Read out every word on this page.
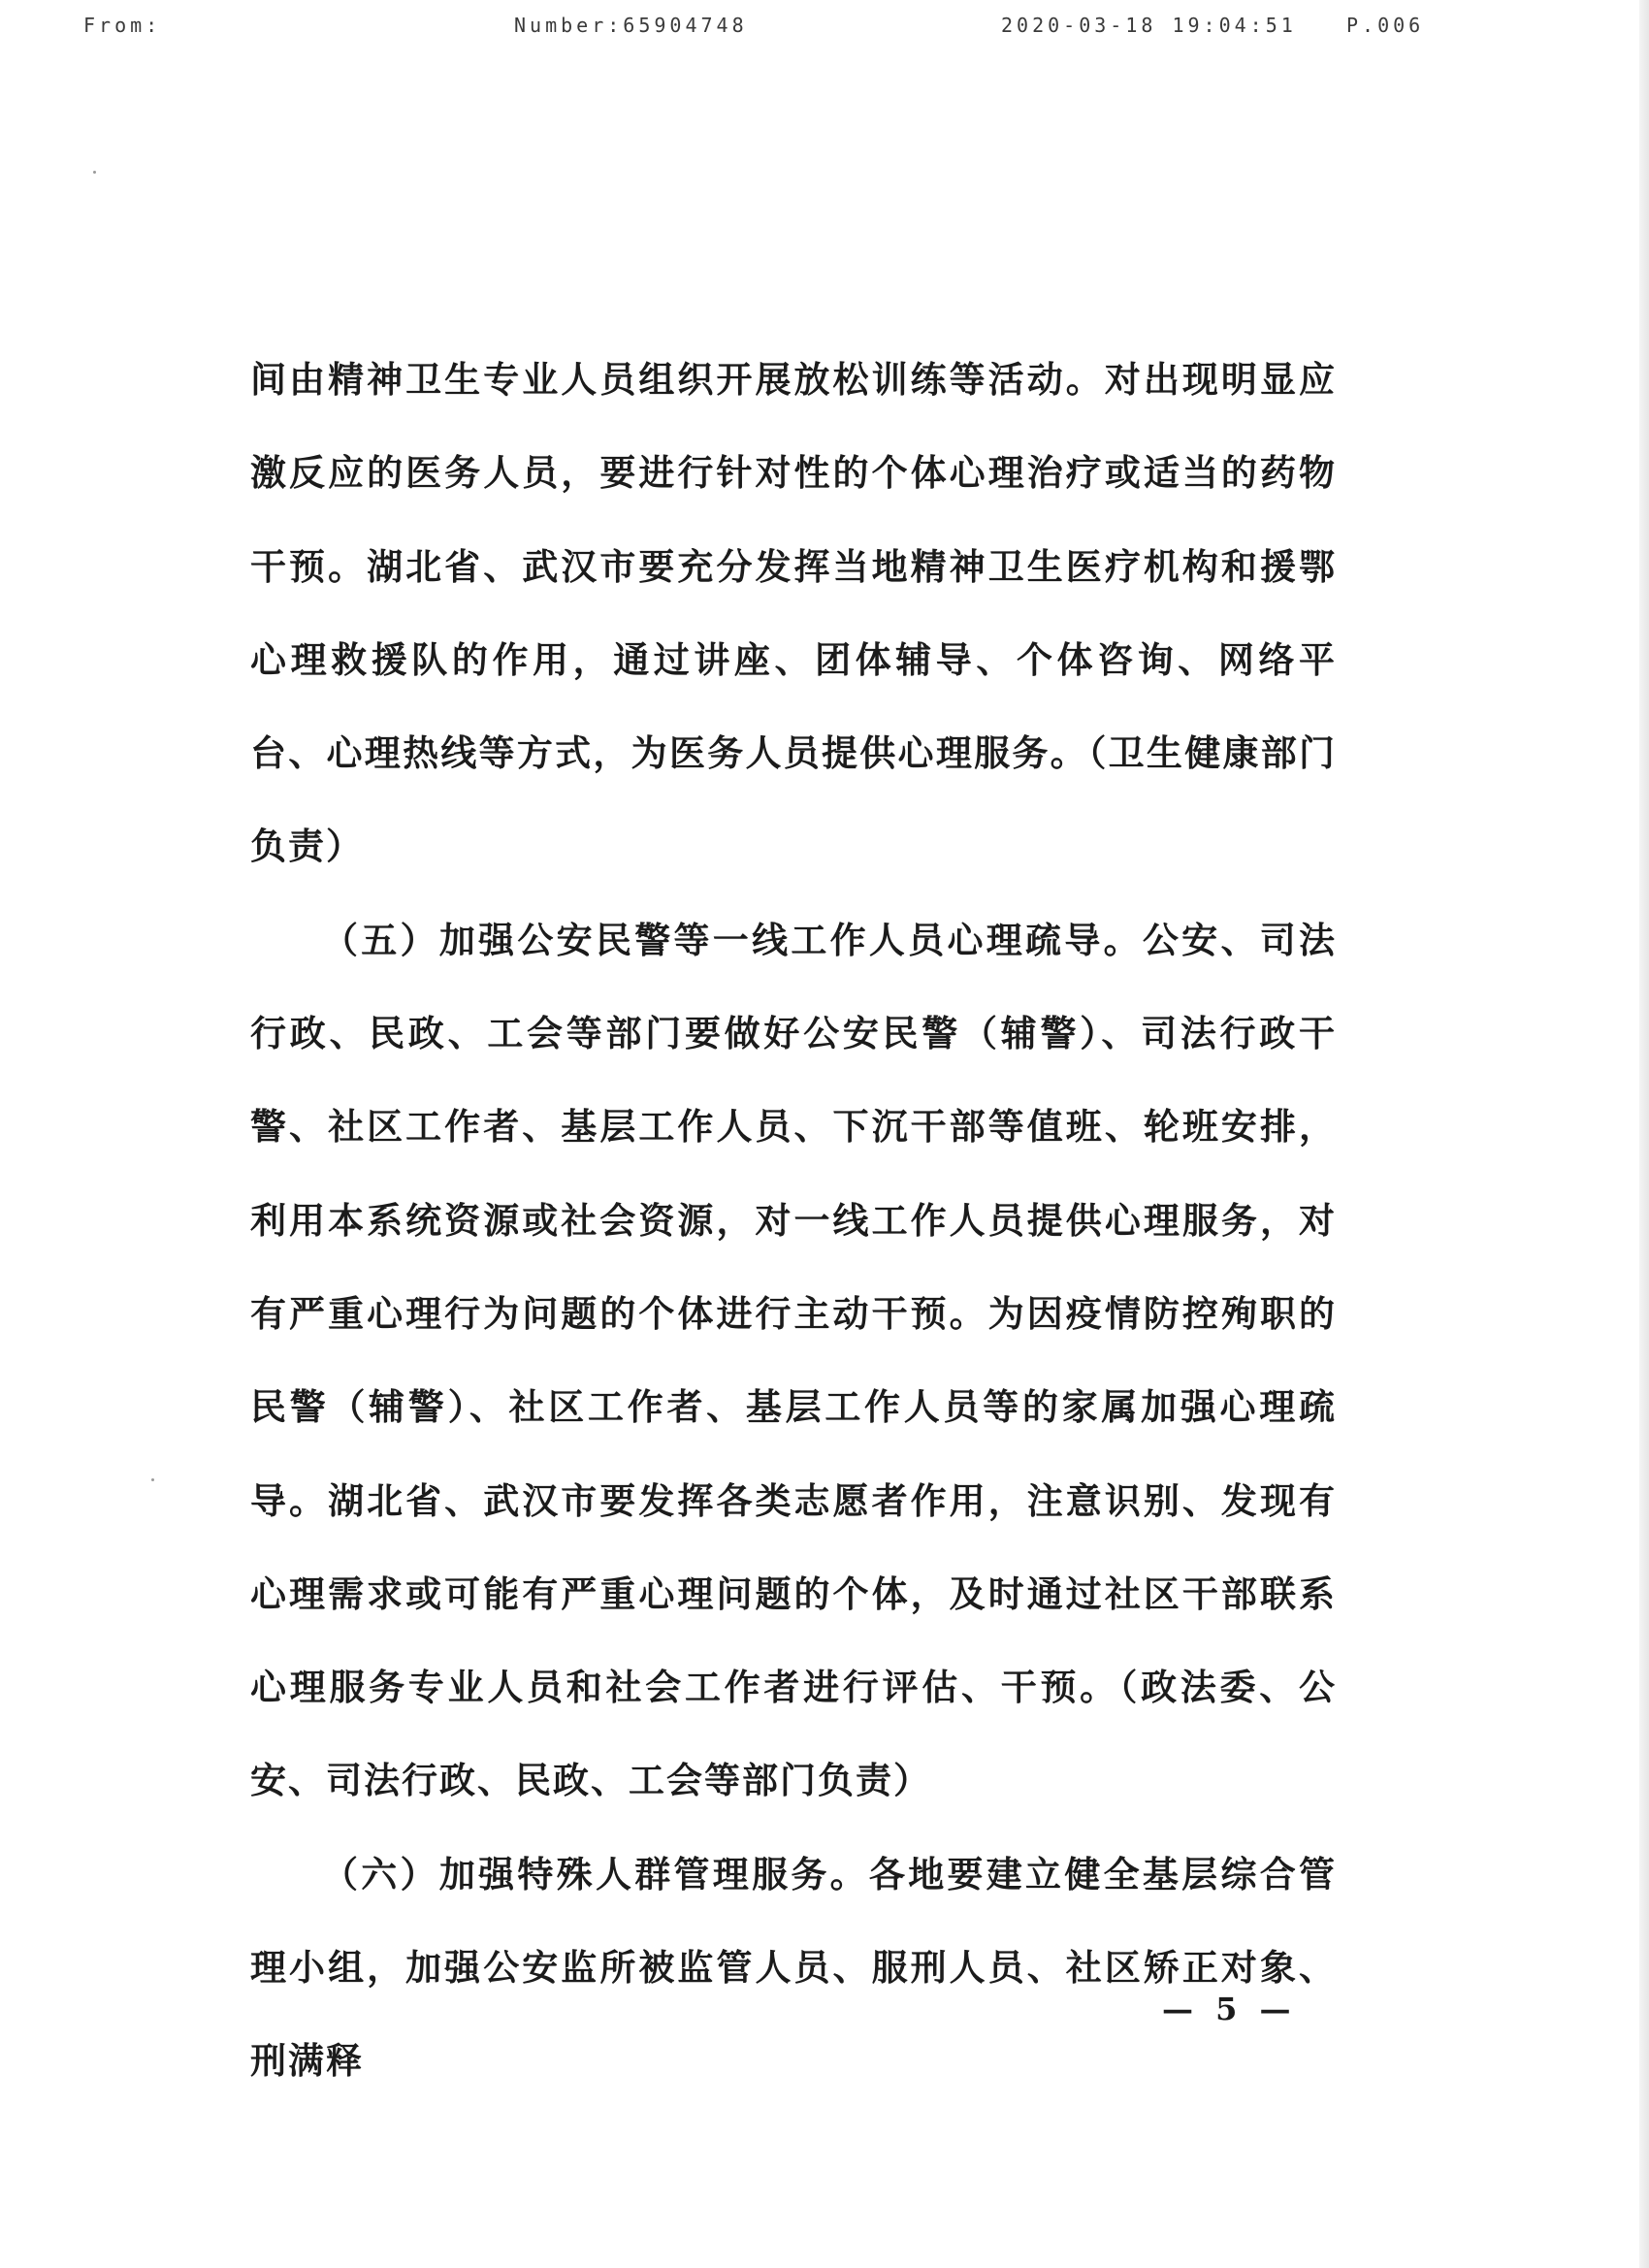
From:	Number:65904748	2020-03-18 19:04:51	P.006

间由精神卫生专业人员组织开展放松训练等活动。对出现明显应激反应的医务人员，要进行针对性的个体心理治疗或适当的药物干预。湖北省、武汉市要充分发挥当地精神卫生医疗机构和援鄂心理救援队的作用，通过讲座、团体辅导、个体咨询、网络平台、心理热线等方式，为医务人员提供心理服务。（卫生健康部门负责）

（五）加强公安民警等一线工作人员心理疏导。公安、司法行政、民政、工会等部门要做好公安民警（辅警）、司法行政干警、社区工作者、基层工作人员、下沉干部等值班、轮班安排，利用本系统资源或社会资源，对一线工作人员提供心理服务，对有严重心理行为问题的个体进行主动干预。为因疫情防控殉职的民警（辅警）、社区工作者、基层工作人员等的家属加强心理疏导。湖北省、武汉市要发挥各类志愿者作用，注意识别、发现有心理需求或可能有严重心理问题的个体，及时通过社区干部联系心理服务专业人员和社会工作者进行评估、干预。（政法委、公安、司法行政、民政、工会等部门负责）

（六）加强特殊人群管理服务。各地要建立健全基层综合管理小组，加强公安监所被监管人员、服刑人员、社区矫正对象、刑满释

— 5 —
